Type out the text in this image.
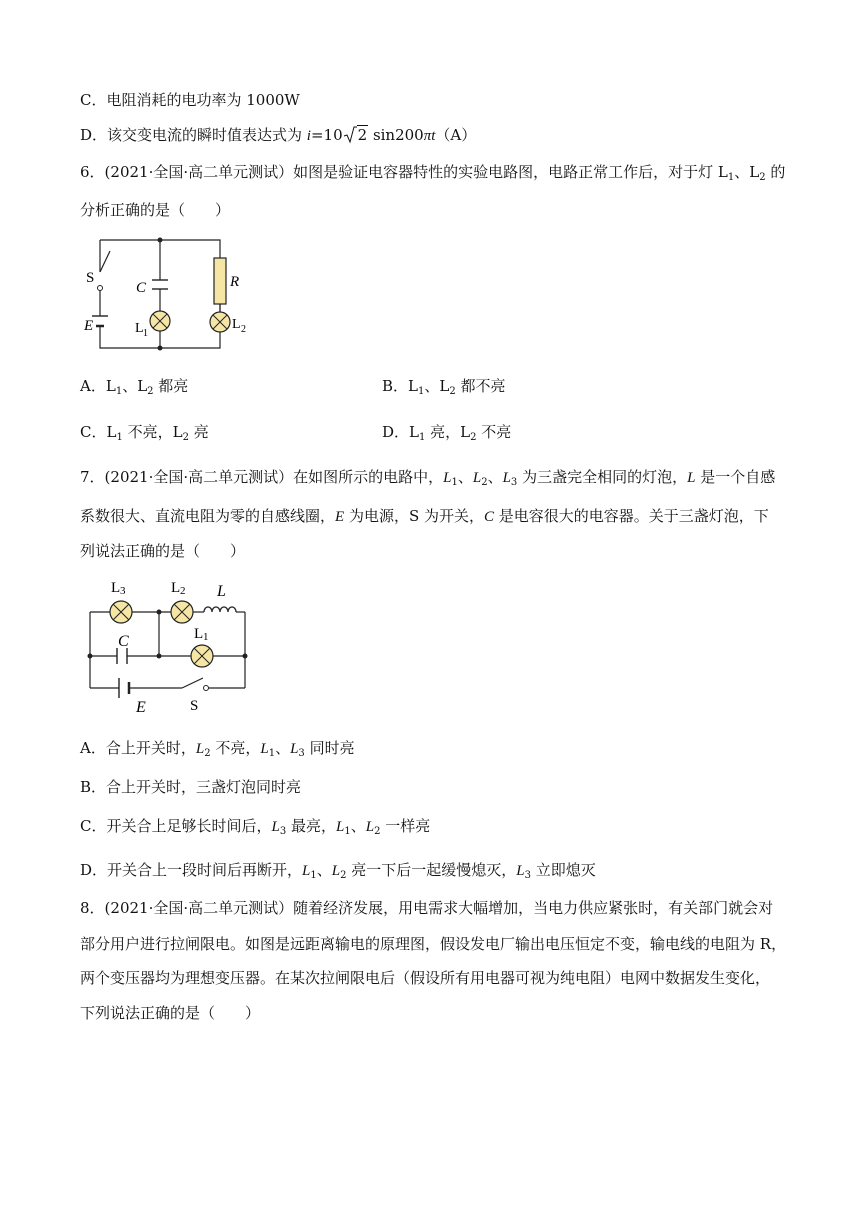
C．电阻消耗的电功率为 1000W
D．该交变电流的瞬时值表达式为 i=10 2 sin200πt（A）
6．(2021·全国·高二单元测试）如图是验证电容器特性的实验电路图，电路正常工作后，对于灯 $L_1$、$L_2$ 的
分析正确的是（　　）
S
C	R
E	L 1
L 2
A．$L_1$、$L_2$ 都亮	B．$L_1$、$L_2$ 都不亮
C．$L_1$ 不亮，$L_2$ 亮	D．$L_1$ 亮，$L_2$ 不亮
7．(2021·全国·高二单元测试）在如图所示的电路中，$L_1$、$L_2$、$L_3$ 为三盏完全相同的灯泡，L 是一个自感
系数很大、直流电阻为零的自感线圈，E 为电源，S 为开关，C 是电容很大的电容器。关于三盏灯泡，下
列说法正确的是（　　）
L 3	L 2 L
C	L 1
E	S
A．合上开关时，$L_2$ 不亮，$L_1$、$L_3$ 同时亮
B．合上开关时，三盏灯泡同时亮
C．开关合上足够长时间后，$L_3$ 最亮，$L_1$、$L_2$ 一样亮
D．开关合上一段时间后再断开，$L_1$、$L_2$ 亮一下后一起缓慢熄灭，$L_3$ 立即熄灭
8．(2021·全国·高二单元测试）随着经济发展，用电需求大幅增加，当电力供应紧张时，有关部门就会对
部分用户进行拉闸限电。如图是远距离输电的原理图，假设发电厂输出电压恒定不变，输电线的电阻为 R，
两个变压器均为理想变压器。在某次拉闸限电后（假设所有用电器可视为纯电阻）电网中数据发生变化，
下列说法正确的是（　　）
